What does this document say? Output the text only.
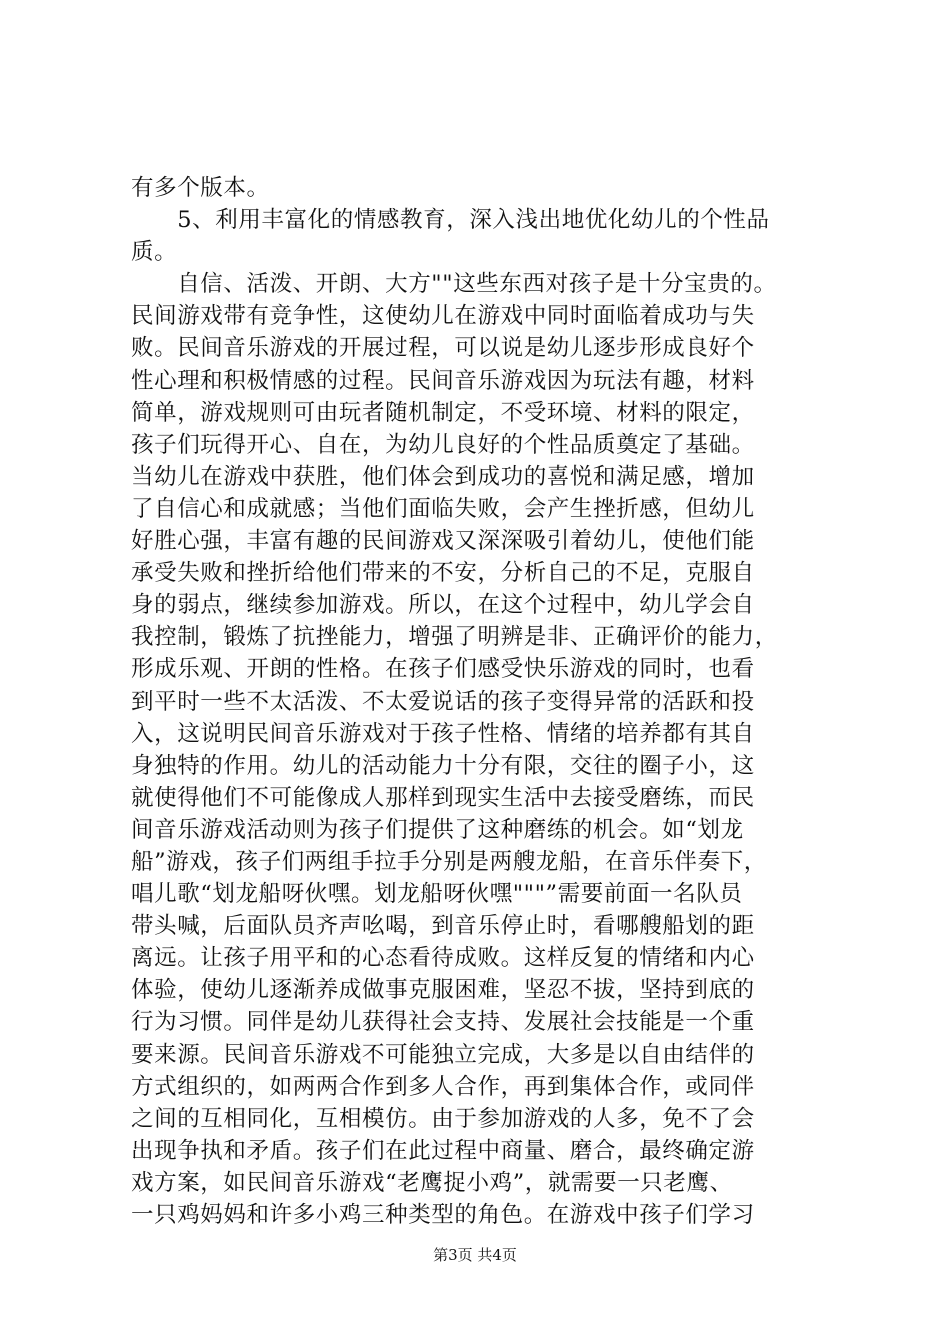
有多个版本。
　　5、利用丰富化的情感教育，深入浅出地优化幼儿的个性品
质。
　　自信、活泼、开朗、大方""这些东西对孩子是十分宝贵的。
民间游戏带有竞争性，这使幼儿在游戏中同时面临着成功与失
败。民间音乐游戏的开展过程，可以说是幼儿逐步形成良好个
性心理和积极情感的过程。民间音乐游戏因为玩法有趣，材料
简单，游戏规则可由玩者随机制定，不受环境、材料的限定，
孩子们玩得开心、自在，为幼儿良好的个性品质奠定了基础。
当幼儿在游戏中获胜，他们体会到成功的喜悦和满足感，增加
了自信心和成就感；当他们面临失败，会产生挫折感，但幼儿
好胜心强，丰富有趣的民间游戏又深深吸引着幼儿，使他们能
承受失败和挫折给他们带来的不安，分析自己的不足，克服自
身的弱点，继续参加游戏。所以，在这个过程中，幼儿学会自
我控制，锻炼了抗挫能力，增强了明辨是非、正确评价的能力，
形成乐观、开朗的性格。在孩子们感受快乐游戏的同时，也看
到平时一些不太活泼、不太爱说话的孩子变得异常的活跃和投
入，这说明民间音乐游戏对于孩子性格、情绪的培养都有其自
身独特的作用。幼儿的活动能力十分有限，交往的圈子小，这
就使得他们不可能像成人那样到现实生活中去接受磨练，而民
间音乐游戏活动则为孩子们提供了这种磨练的机会。如“划龙
船”游戏，孩子们两组手拉手分别是两艘龙船，在音乐伴奏下，
唱儿歌“划龙船呀伙嘿。划龙船呀伙嘿"""”需要前面一名队员
带头喊，后面队员齐声吆喝，到音乐停止时，看哪艘船划的距
离远。让孩子用平和的心态看待成败。这样反复的情绪和内心
体验，使幼儿逐渐养成做事克服困难，坚忍不拔，坚持到底的
行为习惯。同伴是幼儿获得社会支持、发展社会技能是一个重
要来源。民间音乐游戏不可能独立完成，大多是以自由结伴的
方式组织的，如两两合作到多人合作，再到集体合作，或同伴
之间的互相同化，互相模仿。由于参加游戏的人多，免不了会
出现争执和矛盾。孩子们在此过程中商量、磨合，最终确定游
戏方案，如民间音乐游戏“老鹰捉小鸡”，就需要一只老鹰、
一只鸡妈妈和许多小鸡三种类型的角色。在游戏中孩子们学习
第3页 共4页
